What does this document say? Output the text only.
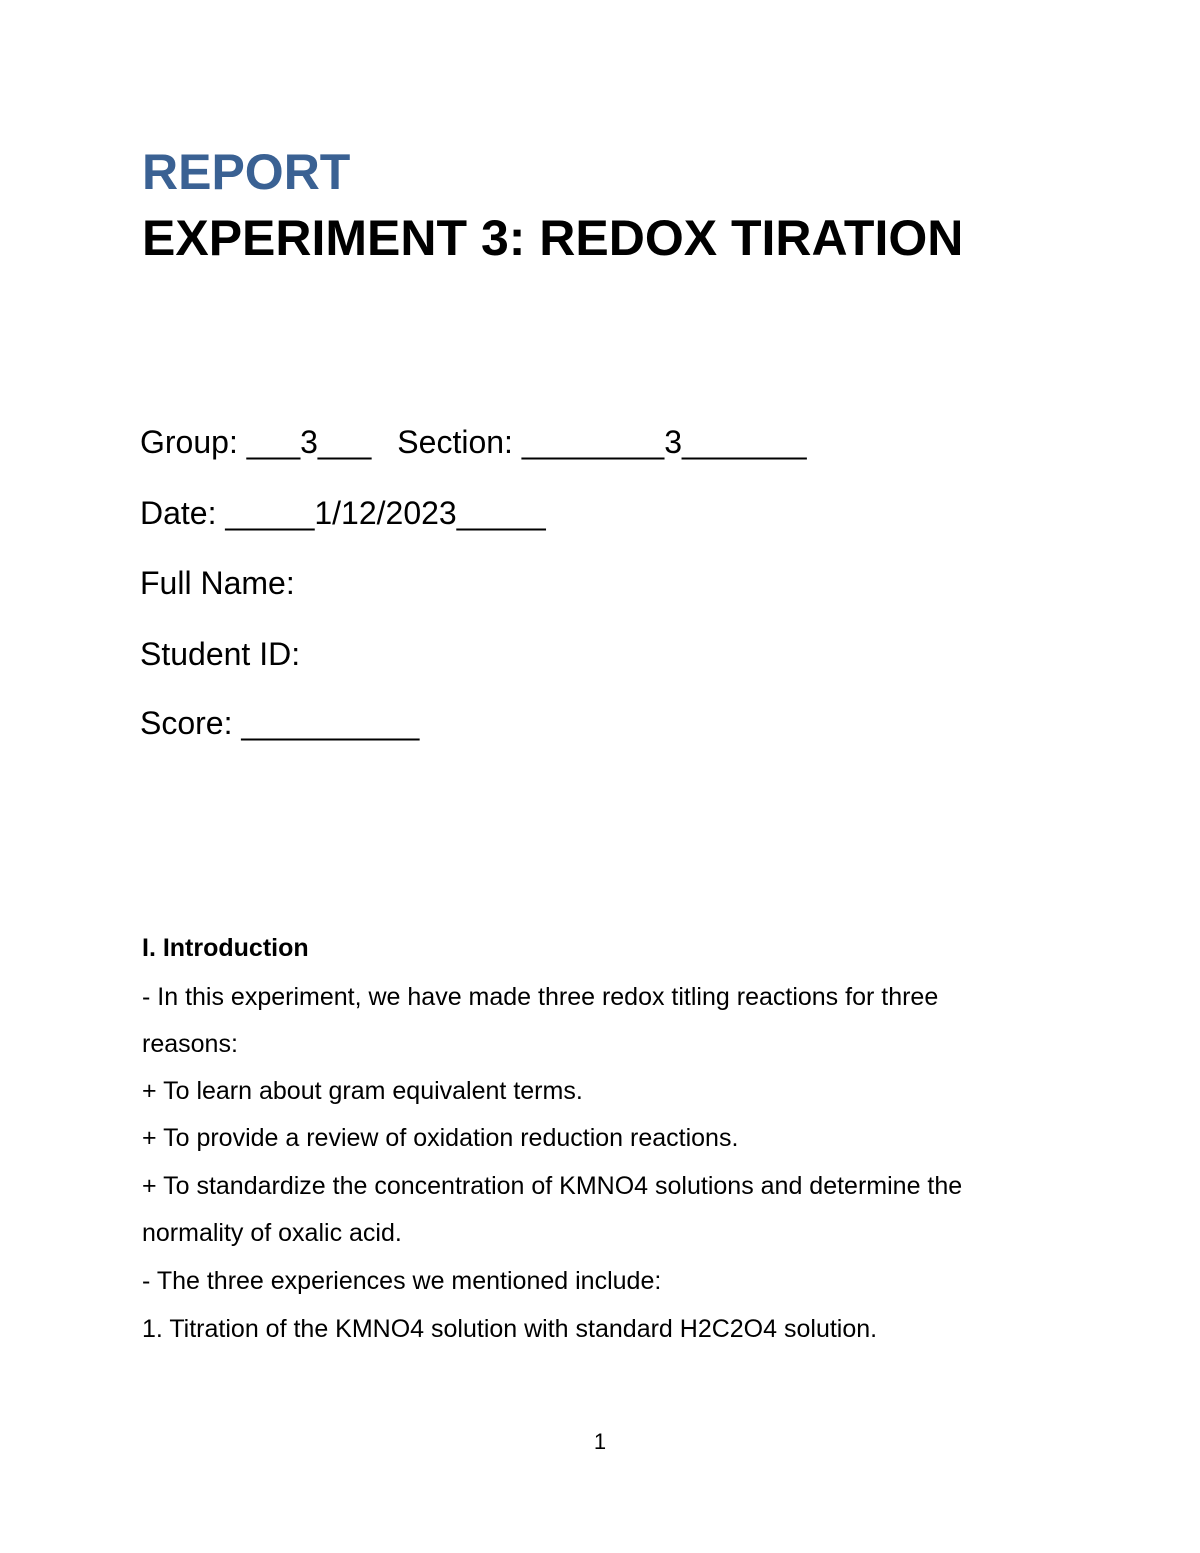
REPORT
EXPERIMENT 3: REDOX TIRATION
Group: ___3___ Section: ________3_______
Date: _____1/12/2023_____
Full Name:
Student ID:
Score: __________
I. Introduction
- In this experiment, we have made three redox titling reactions for three
reasons:
+ To learn about gram equivalent terms.
+ To provide a review of oxidation reduction reactions.
+ To standardize the concentration of KMNO4 solutions and determine the
normality of oxalic acid.
- The three experiences we mentioned include:
1. Titration of the KMNO4 solution with standard H2C2O4 solution.
1
